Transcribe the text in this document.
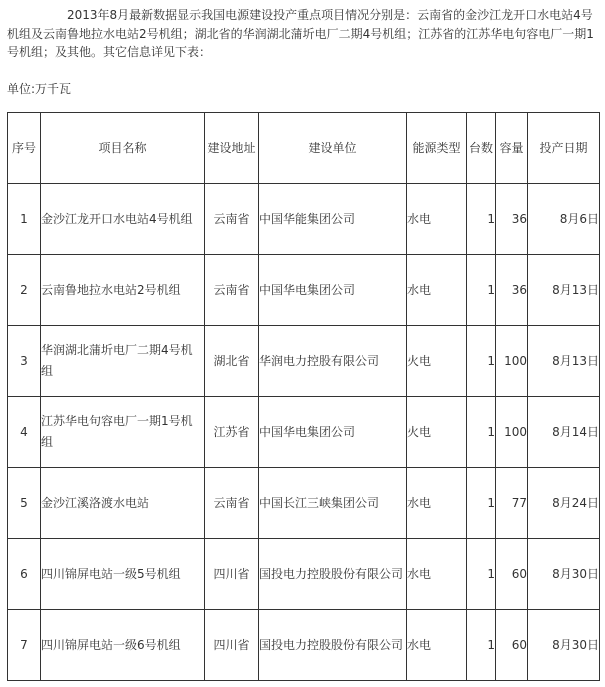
2013年8月最新数据显示我国电源建设投产重点项目情况分别是：云南省的金沙江龙开口水电站4号机组及云南鲁地拉水电站2号机组；湖北省的华润湖北蒲圻电厂二期4号机组；江苏省的江苏华电句容电厂一期1号机组；及其他。其它信息详见下表：

单位:万千瓦

序号	项目名称	建设地址	建设单位	能源类型	台数	容量	投产日期
1	金沙江龙开口水电站4号机组	云南省	中国华能集团公司	水电	1	36	8月6日
2	云南鲁地拉水电站2号机组	云南省	中国华电集团公司	水电	1	36	8月13日
3	华润湖北蒲圻电厂二期4号机组	湖北省	华润电力控股有限公司	火电	1	100	8月13日
4	江苏华电句容电厂一期1号机组	江苏省	中国华电集团公司	火电	1	100	8月14日
5	金沙江溪洛渡水电站	云南省	中国长江三峡集团公司	水电	1	77	8月24日
6	四川锦屏电站一级5号机组	四川省	国投电力控股股份有限公司	水电	1	60	8月30日
7	四川锦屏电站一级6号机组	四川省	国投电力控股股份有限公司	水电	1	60	8月30日
